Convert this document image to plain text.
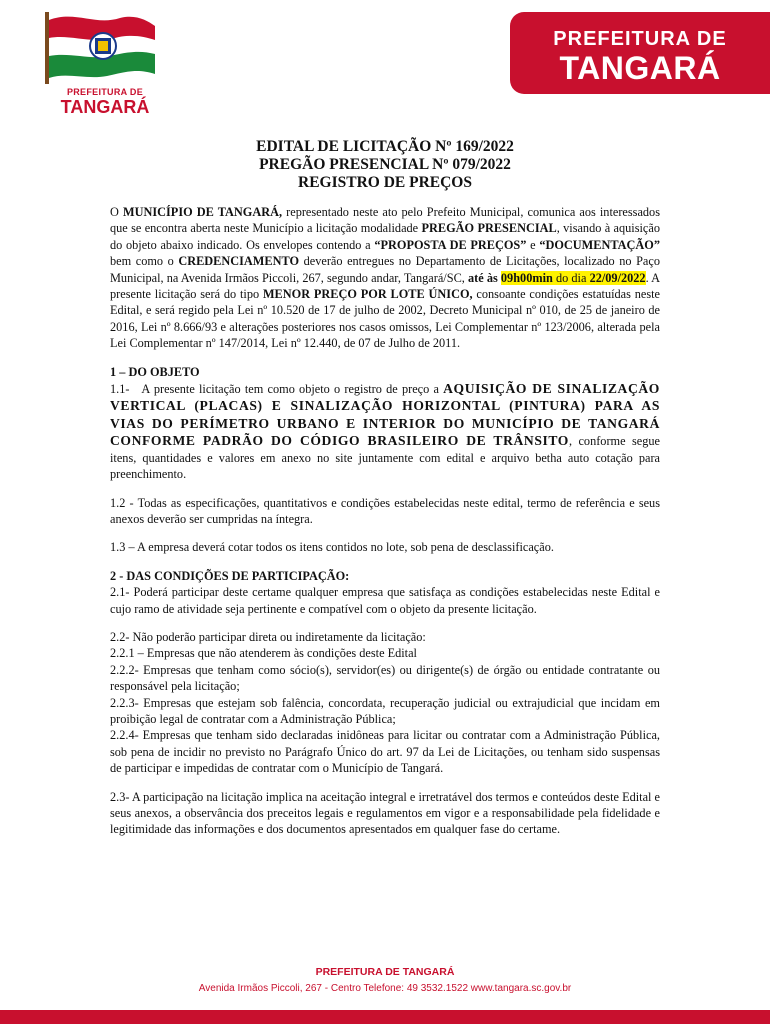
PREFEITURA DE
TANGARÁ
PREFEITURA DE
TANGARÁ
EDITAL DE LICITAÇÃO Nº 169/2022
PREGÃO PRESENCIAL Nº 079/2022
REGISTRO DE PREÇOS

O MUNICÍPIO DE TANGARÁ, representado neste ato pelo Prefeito Municipal, comunica aos interessados que se encontra aberta neste Município a licitação modalidade PREGÃO PRESENCIAL, visando à aquisição do objeto abaixo indicado. Os envelopes contendo a “PROPOSTA DE PREÇOS” e “DOCUMENTAÇÃO” bem como o CREDENCIAMENTO deverão entregues no Departamento de Licitações, localizado no Paço Municipal, na Avenida Irmãos Piccoli, 267, segundo andar, Tangará/SC, até às 09h00min do dia 22/09/2022. A presente licitação será do tipo MENOR PREÇO POR LOTE ÚNICO, consoante condições estatuídas neste Edital, e será regido pela Lei nº 10.520 de 17 de julho de 2002, Decreto Municipal nº 010, de 25 de janeiro de 2016, Lei nº 8.666/93 e alterações posteriores nos casos omissos, Lei Complementar nº 123/2006, alterada pela Lei Complementar nº 147/2014, Lei nº 12.440, de 07 de Julho de 2011.

1 – DO OBJETO

1.1-   A presente licitação tem como objeto o registro de preço a AQUISIÇÃO DE SINALIZAÇÃO VERTICAL (PLACAS) E SINALIZAÇÃO HORIZONTAL (PINTURA) PARA AS VIAS DO PERÍMETRO URBANO E INTERIOR DO MUNICÍPIO DE TANGARÁ CONFORME PADRÃO DO CÓDIGO BRASILEIRO DE TRÂNSITO, conforme segue itens, quantidades e valores em anexo no site juntamente com edital e arquivo betha auto cotação para preenchimento.

1.2 - Todas as especificações, quantitativos e condições estabelecidas neste edital, termo de referência e seus anexos deverão ser cumpridas na íntegra.

1.3 – A empresa deverá cotar todos os itens contidos no lote, sob pena de desclassificação.

2 - DAS CONDIÇÕES DE PARTICIPAÇÃO:

2.1- Poderá participar deste certame qualquer empresa que satisfaça as condições estabelecidas neste Edital e cujo ramo de atividade seja pertinente e compatível com o objeto da presente licitação.

2.2- Não poderão participar direta ou indiretamente da licitação:

2.2.1 – Empresas que não atenderem às condições deste Edital

2.2.2- Empresas que tenham como sócio(s), servidor(es) ou dirigente(s) de órgão ou entidade contratante ou responsável pela licitação;

2.2.3- Empresas que estejam sob falência, concordata, recuperação judicial ou extrajudicial que incidam em proibição legal de contratar com a Administração Pública;

2.2.4- Empresas que tenham sido declaradas inidôneas para licitar ou contratar com a Administração Pública, sob pena de incidir no previsto no Parágrafo Único do art. 97 da Lei de Licitações, ou tenham sido suspensas de participar e impedidas de contratar com o Município de Tangará.

2.3- A participação na licitação implica na aceitação integral e irretratável dos termos e conteúdos deste Edital e seus anexos, a observância dos preceitos legais e regulamentos em vigor e a responsabilidade pela fidelidade e legitimidade das informações e dos documentos apresentados em qualquer fase do certame.

PREFEITURA DE TANGARÁ
Avenida Irmãos Piccoli, 267 - Centro Telefone: 49 3532.1522 www.tangara.sc.gov.br
